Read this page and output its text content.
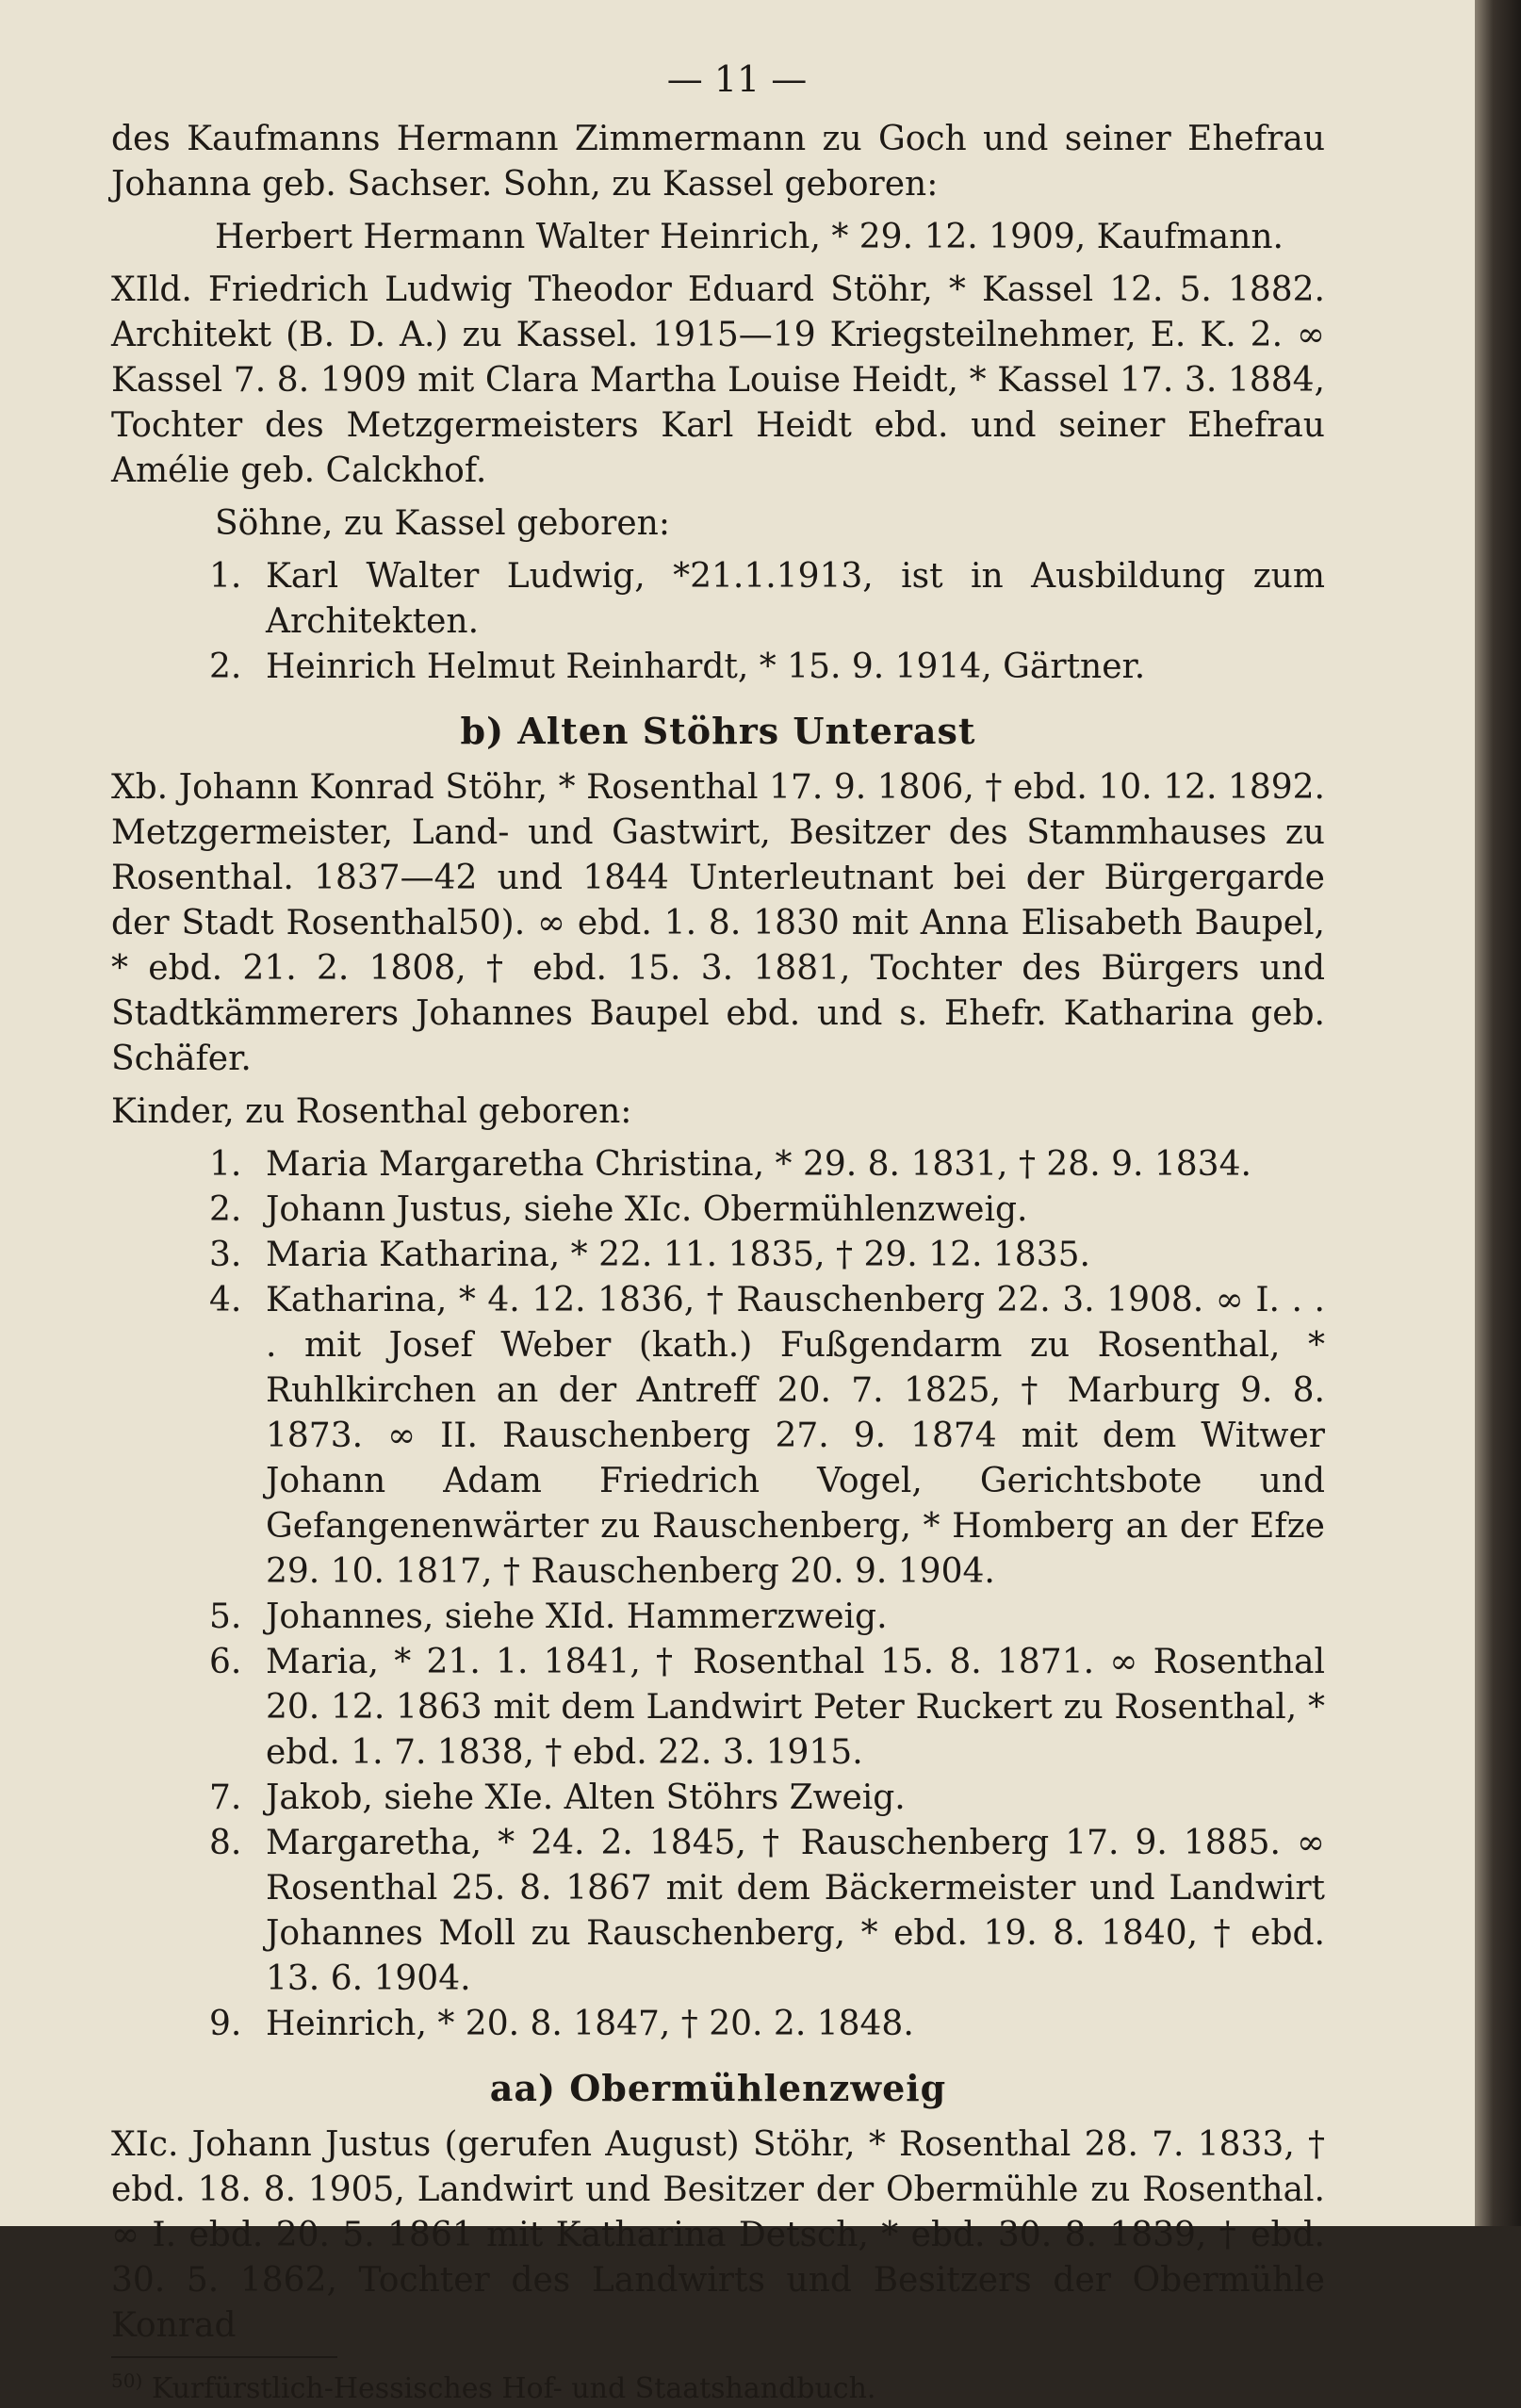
— 11 —

des Kaufmanns Hermann Zimmermann zu Goch und seiner Ehefrau Johanna geb. Sachser. Sohn, zu Kassel geboren:

Herbert Hermann Walter Heinrich, * 29. 12. 1909, Kaufmann.

XIld. Friedrich Ludwig Theodor Eduard Stöhr, * Kassel 12. 5. 1882. Architekt (B. D. A.) zu Kassel. 1915—19 Kriegsteilnehmer, E. K. 2. ∞ Kassel 7. 8. 1909 mit Clara Martha Louise Heidt, * Kassel 17. 3. 1884, Tochter des Metzgermeisters Karl Heidt ebd. und seiner Ehefrau Amélie geb. Calckhof.

Söhne, zu Kassel geboren:

1. Karl Walter Ludwig, *21.1.1913, ist in Ausbildung zum Architekten.
2. Heinrich Helmut Reinhardt, * 15. 9. 1914, Gärtner.
b) Alten Stöhrs Unterast

Xb. Johann Konrad Stöhr, * Rosenthal 17. 9. 1806, † ebd. 10. 12. 1892. Metzgermeister, Land- und Gastwirt, Besitzer des Stammhauses zu Rosenthal. 1837—42 und 1844 Unterleutnant bei der Bürgergarde der Stadt Rosenthal50). ∞ ebd. 1. 8. 1830 mit Anna Elisabeth Baupel, * ebd. 21. 2. 1808, † ebd. 15. 3. 1881, Tochter des Bürgers und Stadtkämmerers Johannes Baupel ebd. und s. Ehefr. Katharina geb. Schäfer.

Kinder, zu Rosenthal geboren:

1. Maria Margaretha Christina, * 29. 8. 1831, † 28. 9. 1834.
2. Johann Justus, siehe XIc. Obermühlenzweig.
3. Maria Katharina, * 22. 11. 1835, † 29. 12. 1835.
4. Katharina, * 4. 12. 1836, † Rauschenberg 22. 3. 1908. ∞ I. . . . mit Josef Weber (kath.) Fußgendarm zu Rosenthal, * Ruhlkirchen an der Antreff 20. 7. 1825, † Marburg 9. 8. 1873. ∞ II. Rauschenberg 27. 9. 1874 mit dem Witwer Johann Adam Friedrich Vogel, Gerichtsbote und Gefangenenwärter zu Rauschenberg, * Homberg an der Efze 29. 10. 1817, † Rauschenberg 20. 9. 1904.
5. Johannes, siehe XId. Hammerzweig.
6. Maria, * 21. 1. 1841, † Rosenthal 15. 8. 1871. ∞ Rosenthal 20. 12. 1863 mit dem Landwirt Peter Ruckert zu Rosenthal, * ebd. 1. 7. 1838, † ebd. 22. 3. 1915.
7. Jakob, siehe XIe. Alten Stöhrs Zweig.
8. Margaretha, * 24. 2. 1845, † Rauschenberg 17. 9. 1885. ∞ Rosenthal 25. 8. 1867 mit dem Bäckermeister und Landwirt Johannes Moll zu Rauschenberg, * ebd. 19. 8. 1840, † ebd. 13. 6. 1904.
9. Heinrich, * 20. 8. 1847, † 20. 2. 1848.
aa) Obermühlenzweig

XIc. Johann Justus (gerufen August) Stöhr, * Rosenthal 28. 7. 1833, † ebd. 18. 8. 1905, Landwirt und Besitzer der Obermühle zu Rosenthal. ∞ I. ebd. 20. 5. 1861 mit Katharina Detsch, * ebd. 30. 8. 1839, † ebd. 30. 5. 1862, Tochter des Landwirts und Besitzers der Obermühle Konrad

$^{50)}$ Kurfürstlich-Hessisches Hof- und Staatshandbuch.
